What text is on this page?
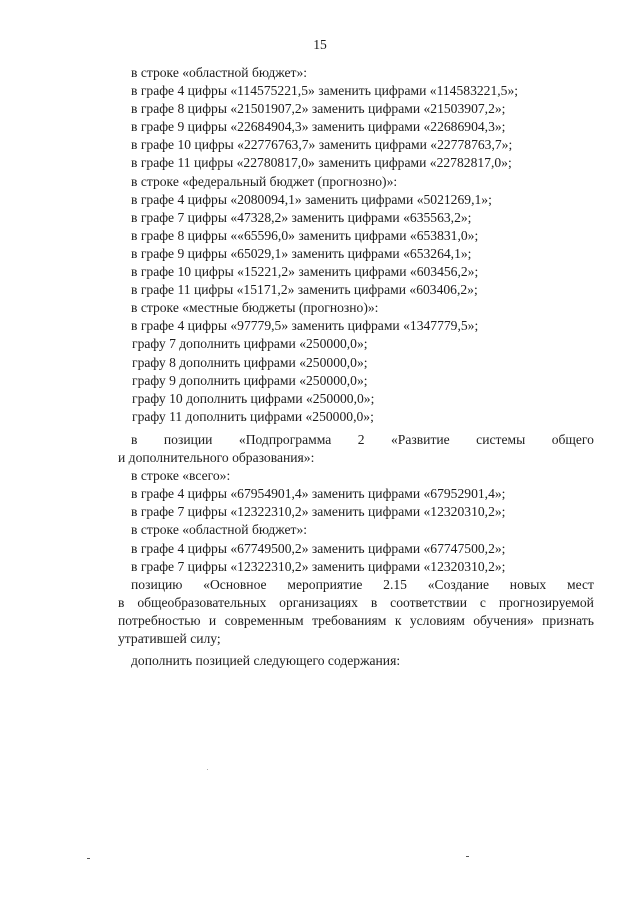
15
в строке «областной бюджет»:
в графе 4 цифры «114575221,5» заменить цифрами «114583221,5»;
в графе 8 цифры «21501907,2» заменить цифрами «21503907,2»;
в графе 9 цифры «22684904,3» заменить цифрами «22686904,3»;
в графе 10 цифры «22776763,7» заменить цифрами «22778763,7»;
в графе 11 цифры «22780817,0» заменить цифрами «22782817,0»;
в строке «федеральный бюджет (прогнозно)»:
в графе 4 цифры «2080094,1» заменить цифрами «5021269,1»;
в графе 7 цифры «47328,2» заменить цифрами «635563,2»;
в графе 8 цифры ««65596,0» заменить цифрами «653831,0»;
в графе 9 цифры «65029,1» заменить цифрами «653264,1»;
в графе 10 цифры «15221,2» заменить цифрами «603456,2»;
в графе 11 цифры «15171,2» заменить цифрами «603406,2»;
в строке «местные бюджеты (прогнозно)»:
в графе 4 цифры «97779,5» заменить цифрами «1347779,5»;
графу 7 дополнить цифрами «250000,0»;
графу 8 дополнить цифрами «250000,0»;
графу 9 дополнить цифрами «250000,0»;
графу 10 дополнить цифрами «250000,0»;
графу 11 дополнить цифрами «250000,0»;
в позиции «Подпрограмма 2 «Развитие системы общего
и дополнительного образования»:
в строке «всего»:
в графе 4 цифры «67954901,4» заменить цифрами «67952901,4»;
в графе 7 цифры «12322310,2» заменить цифрами «12320310,2»;
в строке «областной бюджет»:
в графе 4 цифры «67749500,2» заменить цифрами «67747500,2»;
в графе 7 цифры «12322310,2» заменить цифрами «12320310,2»;
позицию «Основное мероприятие 2.15 «Создание новых мест
в общеобразовательных организациях в соответствии с прогнозируемой
потребностью и современным требованиям к условиям обучения» признать
утратившей силу;
дополнить позицией следующего содержания:
